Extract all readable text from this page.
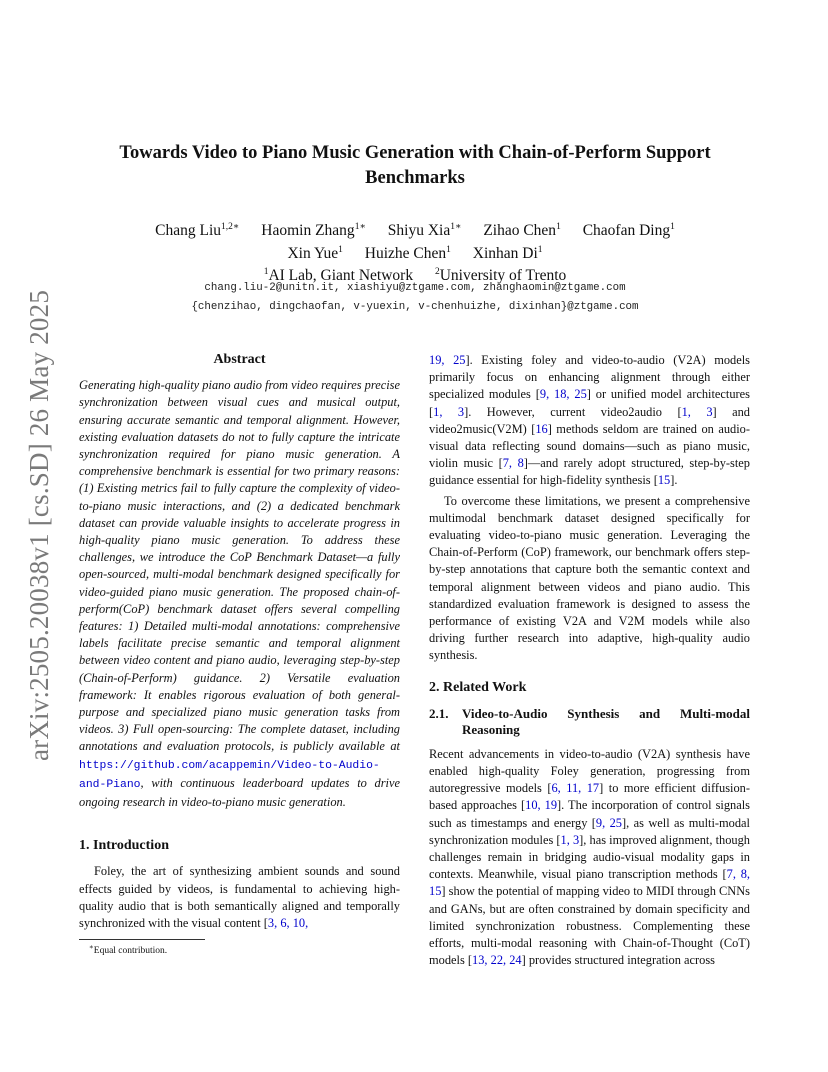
arXiv:2505.20038v1 [cs.SD] 26 May 2025
Towards Video to Piano Music Generation with Chain-of-Perform Support Benchmarks
Chang Liu$^{1,2∗}$ Haomin Zhang$^{1∗}$ Shiyu Xia$^{1∗}$ Zihao Chen$^1$ Chaofan Ding$^1$
Xin Yue$^1$ Huizhe Chen$^1$ Xinhan Di$^1$
$^1$AI Lab, Giant Network $^2$University of Trento
chang.liu-2@unitn.it, xiashiyu@ztgame.com, zhanghaomin@ztgame.com
{chenzihao, dingchaofan, v-yuexin, v-chenhuizhe, dixinhan}@ztgame.com
Abstract

Generating high-quality piano audio from video requires precise synchronization between visual cues and musical output, ensuring accurate semantic and temporal alignment. However, existing evaluation datasets do not to fully capture the intricate synchronization required for piano music generation. A comprehensive benchmark is essential for two primary reasons: (1) Existing metrics fail to fully capture the complexity of video-to-piano music interactions, and (2) a dedicated benchmark dataset can provide valuable insights to accelerate progress in high-quality piano music generation. To address these challenges, we introduce the CoP Benchmark Dataset—a fully open-sourced, multi-modal benchmark designed specifically for video-guided piano music generation. The proposed chain-of-perform(CoP) benchmark dataset offers several compelling features: 1) Detailed multi-modal annotations: comprehensive labels facilitate precise semantic and temporal alignment between video content and piano audio, leveraging step-by-step (Chain-of-Perform) guidance. 2) Versatile evaluation framework: It enables rigorous evaluation of both general-purpose and specialized piano music generation tasks from videos. 3) Full open-sourcing: The complete dataset, including annotations and evaluation protocols, is publicly available at https://github.com/acappemin/Video-to-Audio-and-Piano, with continuous leaderboard updates to drive ongoing research in video-to-piano music generation.

1. Introduction

Foley, the art of synthesizing ambient sounds and sound effects guided by videos, is fundamental to achieving high-quality audio that is both semantically aligned and temporally synchronized with the visual content [3, 6, 10,

∗Equal contribution.

19, 25]. Existing foley and video-to-audio (V2A) models primarily focus on enhancing alignment through either specialized modules [9, 18, 25] or unified model architectures [1, 3]. However, current video2audio [1, 3] and video2music(V2M) [16] methods seldom are trained on audio-visual data reflecting sound domains—such as piano music, violin music [7, 8]—and rarely adopt structured, step-by-step guidance essential for high-fidelity synthesis [15].

To overcome these limitations, we present a comprehensive multimodal benchmark dataset designed specifically for evaluating video-to-piano music generation. Leveraging the Chain-of-Perform (CoP) framework, our benchmark offers step-by-step annotations that capture both the semantic context and temporal alignment between videos and piano audio. This standardized evaluation framework is designed to assess the performance of existing V2A and V2M models while also driving further research into adaptive, high-quality audio synthesis.

2. Related Work
2.1.	Video-to-Audio Synthesis and Multi-modal Reasoning

Recent advancements in video-to-audio (V2A) synthesis have enabled high-quality Foley generation, progressing from autoregressive models [6, 11, 17] to more efficient diffusion-based approaches [10, 19]. The incorporation of control signals such as timestamps and energy [9, 25], as well as multi-modal synchronization modules [1, 3], has improved alignment, though challenges remain in bridging audio-visual modality gaps in contexts. Meanwhile, visual piano transcription methods [7, 8, 15] show the potential of mapping video to MIDI through CNNs and GANs, but are often constrained by domain specificity and limited synchronization robustness. Complementing these efforts, multi-modal reasoning with Chain-of-Thought (CoT) models [13, 22, 24] provides structured integration across
